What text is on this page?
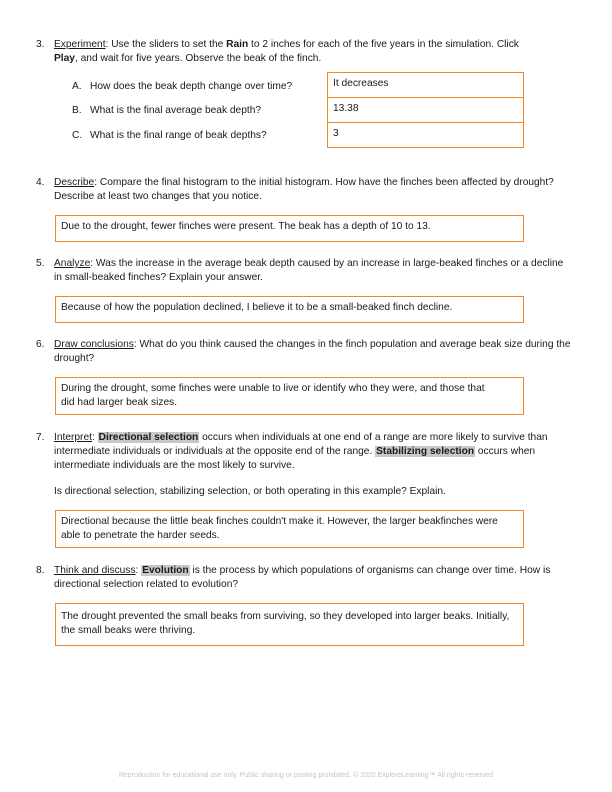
3. Experiment: Use the sliders to set the Rain to 2 inches for each of the five years in the simulation. Click
Play, and wait for five years. Observe the beak of the finch.
A. How does the beak depth change over time?	It decreases
B. What is the final average beak depth?	13.38
C. What is the final range of beak depths?	3
4. Describe: Compare the final histogram to the initial histogram. How have the finches been affected by drought? Describe at least two changes that you notice.
Due to the drought, fewer finches were present. The beak has a depth of 10 to 13.
5. Analyze: Was the increase in the average beak depth caused by an increase in large-beaked finches or a decline in small-beaked finches? Explain your answer.
Because of how the population declined, I believe it to be a small-beaked finch decline.
6. Draw conclusions: What do you think caused the changes in the finch population and average beak size during the drought?
During the drought, some finches were unable to live or identify who they were, and those that did had larger beak sizes.
7. Interpret: Directional selection occurs when individuals at one end of a range are more likely to survive than intermediate individuals or individuals at the opposite end of the range. Stabilizing selection occurs when intermediate individuals are the most likely to survive.
Is directional selection, stabilizing selection, or both operating in this example? Explain.
Directional because the little beak finches couldn't make it. However, the larger beakfinches were able to penetrate the harder seeds.
8. Think and discuss: Evolution is the process by which populations of organisms can change over time. How is directional selection related to evolution?
The drought prevented the small beaks from surviving, so they developed into larger beaks. Initially, the small beaks were thriving.
Reproduction for educational use only. Public sharing or posting prohibited. © 2020 ExploreLearning™ All rights reserved
